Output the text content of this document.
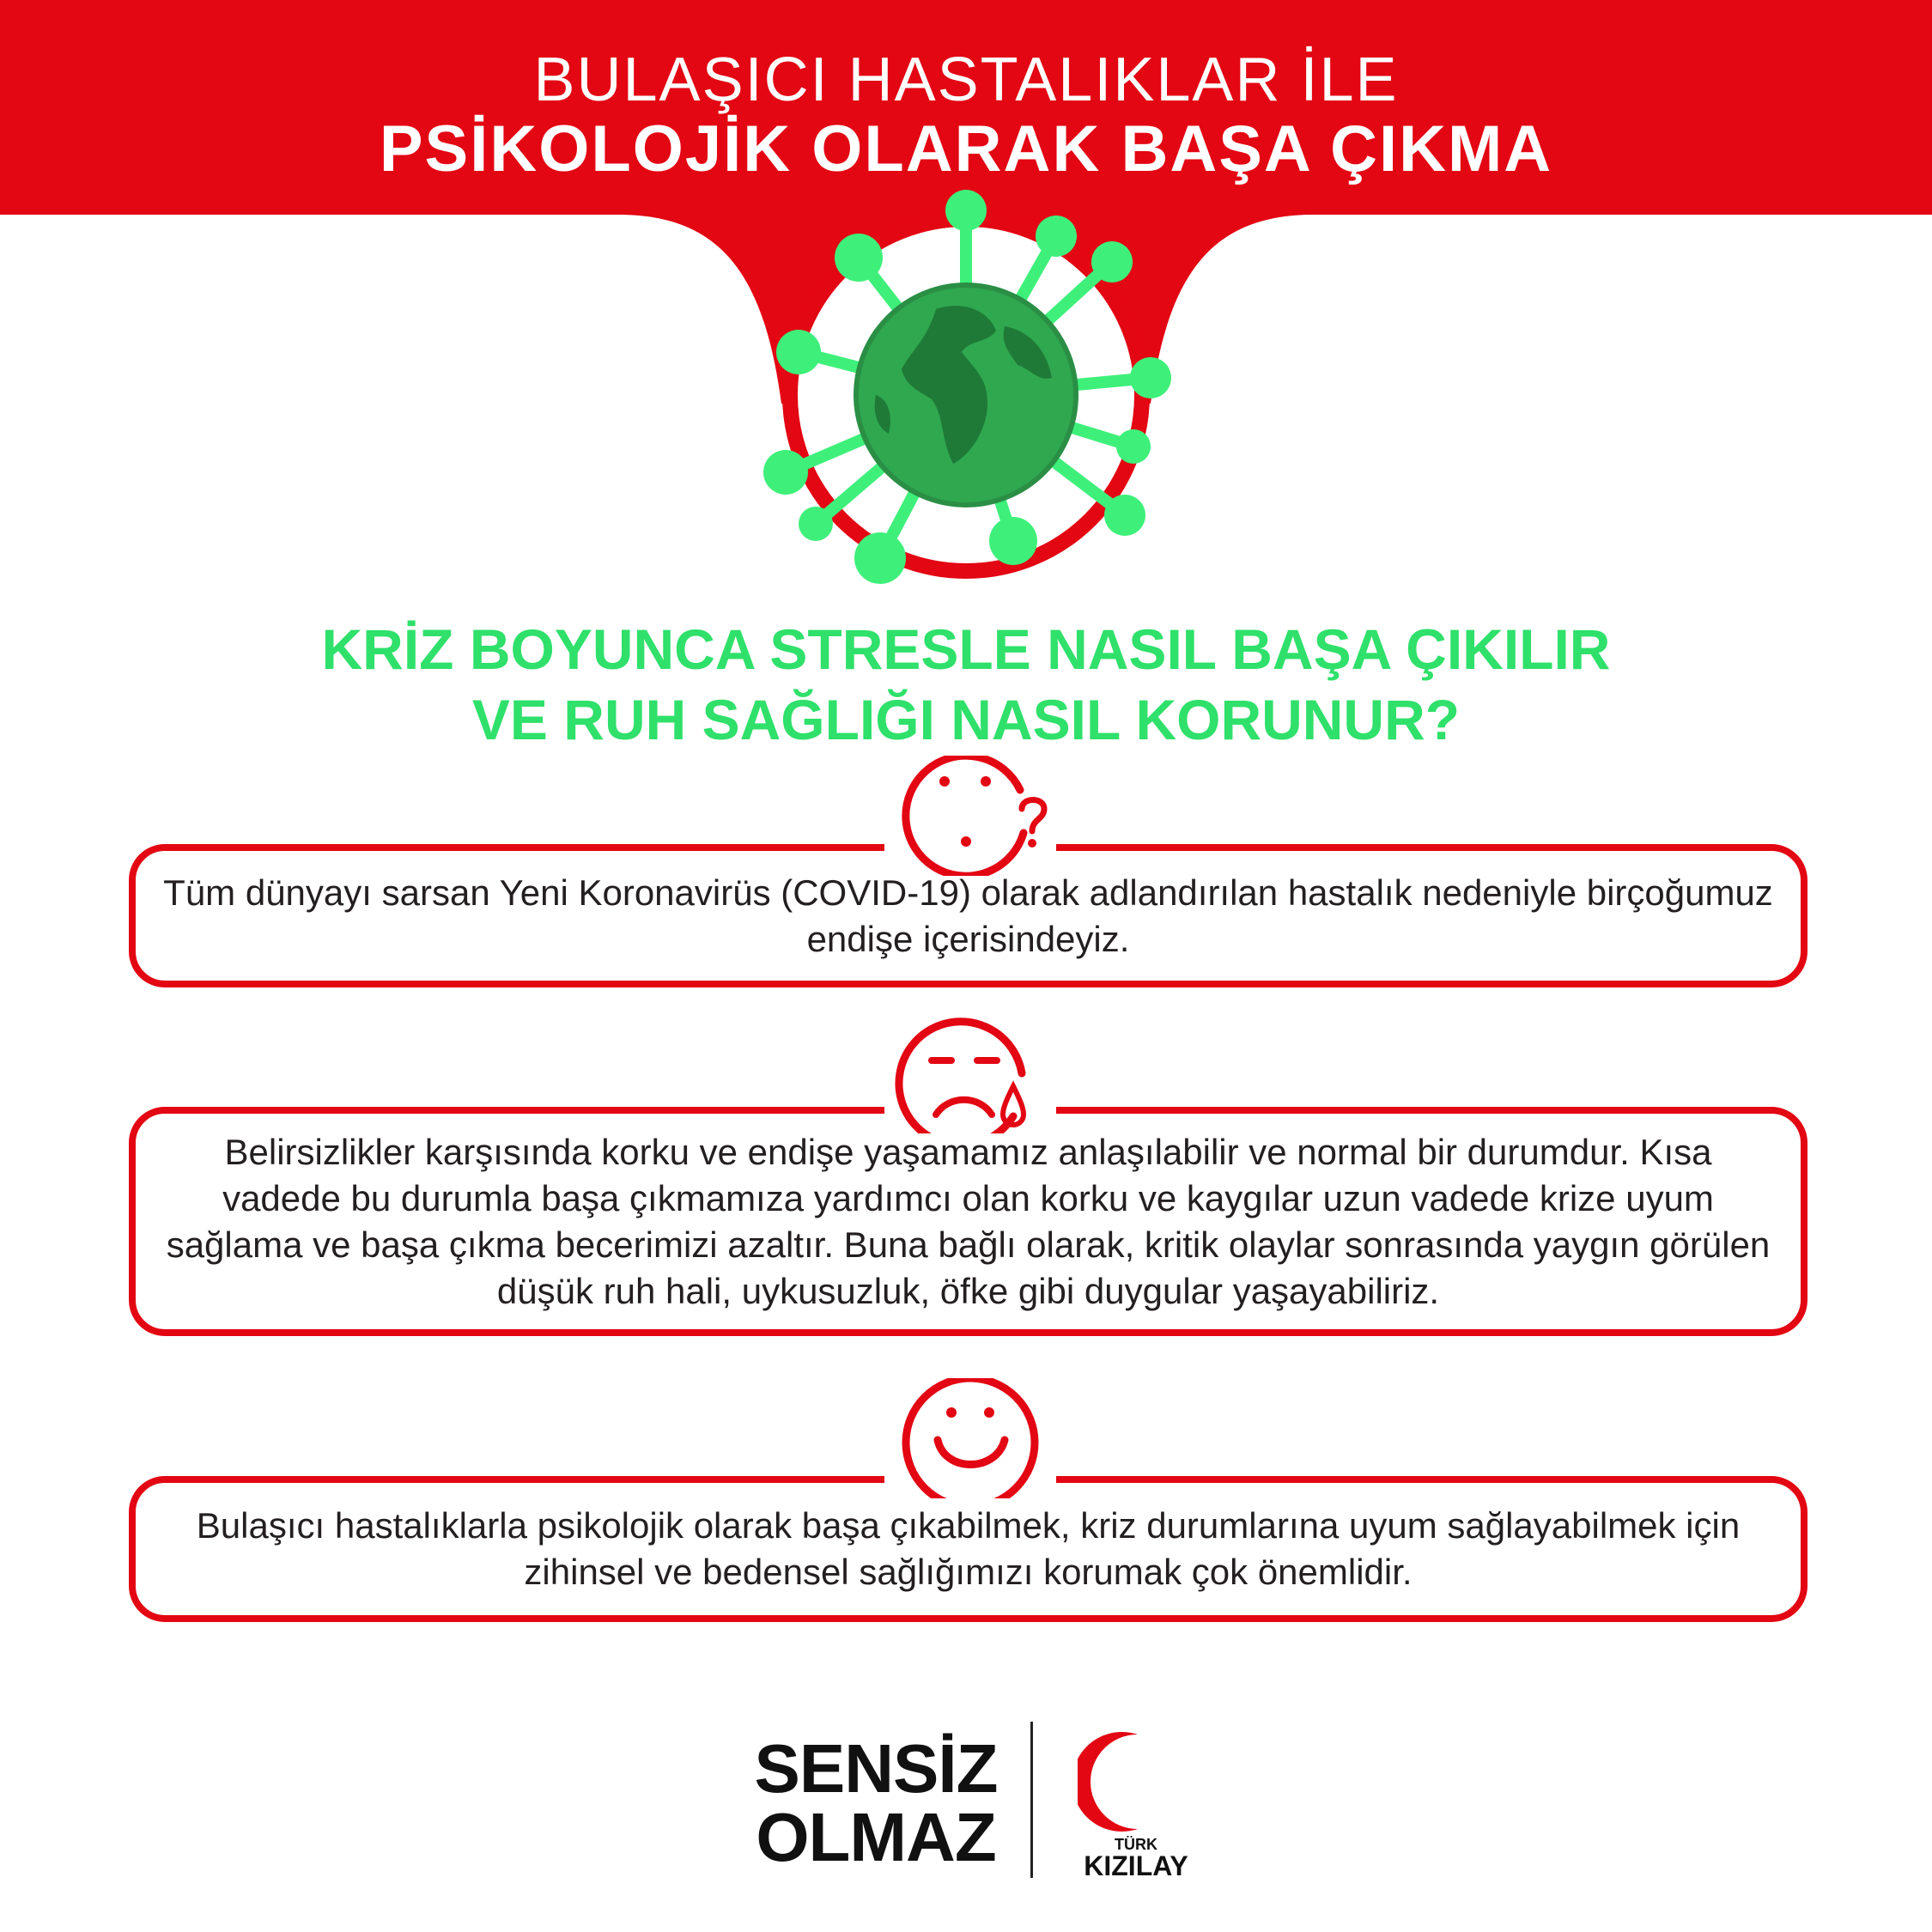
BULAŞICI HASTALIKLAR İLE
PSİKOLOJİK OLARAK BAŞA ÇIKMA
KRİZ BOYUNCA STRESLE NASIL BAŞA ÇIKILIR
VE RUH SAĞLIĞI NASIL KORUNUR?
Tüm dünyayı sarsan Yeni Koronavirüs (COVID-19) olarak adlandırılan hastalık nedeniyle birçoğumuz endişe içerisindeyiz.
Belirsizlikler karşısında korku ve endişe yaşamamız anlaşılabilir ve normal bir durumdur. Kısa vadede bu durumla başa çıkmamıza yardımcı olan korku ve kaygılar uzun vadede krize uyum sağlama ve başa çıkma becerimizi azaltır. Buna bağlı olarak, kritik olaylar sonrasında yaygın görülen düşük ruh hali, uykusuzluk, öfke gibi duygular yaşayabiliriz.
Bulaşıcı hastalıklarla psikolojik olarak başa çıkabilmek, kriz durumlarına uyum sağlayabilmek için zihinsel ve bedensel sağlığımızı korumak çok önemlidir.
SENSİZ
OLMAZ	TÜRK
KIZILAY
